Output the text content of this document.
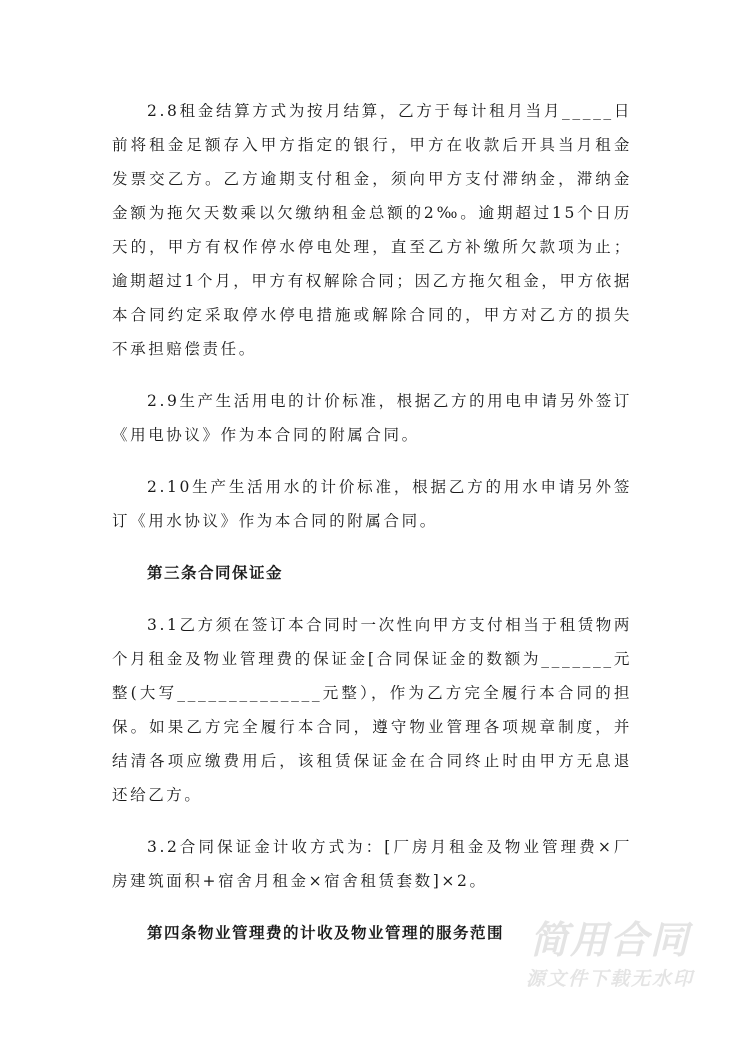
2.8租金结算方式为按月结算，乙方于每计租月当月_____日前将租金足额存入甲方指定的银行，甲方在收款后开具当月租金发票交乙方。乙方逾期支付租金，须向甲方支付滞纳金，滞纳金金额为拖欠天数乘以欠缴纳租金总额的2‰。逾期超过15个日历天的，甲方有权作停水停电处理，直至乙方补缴所欠款项为止；逾期超过1个月，甲方有权解除合同；因乙方拖欠租金，甲方依据本合同约定采取停水停电措施或解除合同的，甲方对乙方的损失不承担赔偿责任。

2.9生产生活用电的计价标准，根据乙方的用电申请另外签订《用电协议》作为本合同的附属合同。

2.10生产生活用水的计价标准，根据乙方的用水申请另外签订《用水协议》作为本合同的附属合同。

第三条合同保证金

3.1乙方须在签订本合同时一次性向甲方支付相当于租赁物两个月租金及物业管理费的保证金[合同保证金的数额为_______元整(大写______________元整），作为乙方完全履行本合同的担保。如果乙方完全履行本合同，遵守物业管理各项规章制度，并结清各项应缴费用后，该租赁保证金在合同终止时由甲方无息退还给乙方。

3.2合同保证金计收方式为：[厂房月租金及物业管理费×厂房建筑面积+宿舍月租金×宿舍租赁套数]×2。

第四条物业管理费的计收及物业管理的服务范围 简用合同
源文件下载无水印
